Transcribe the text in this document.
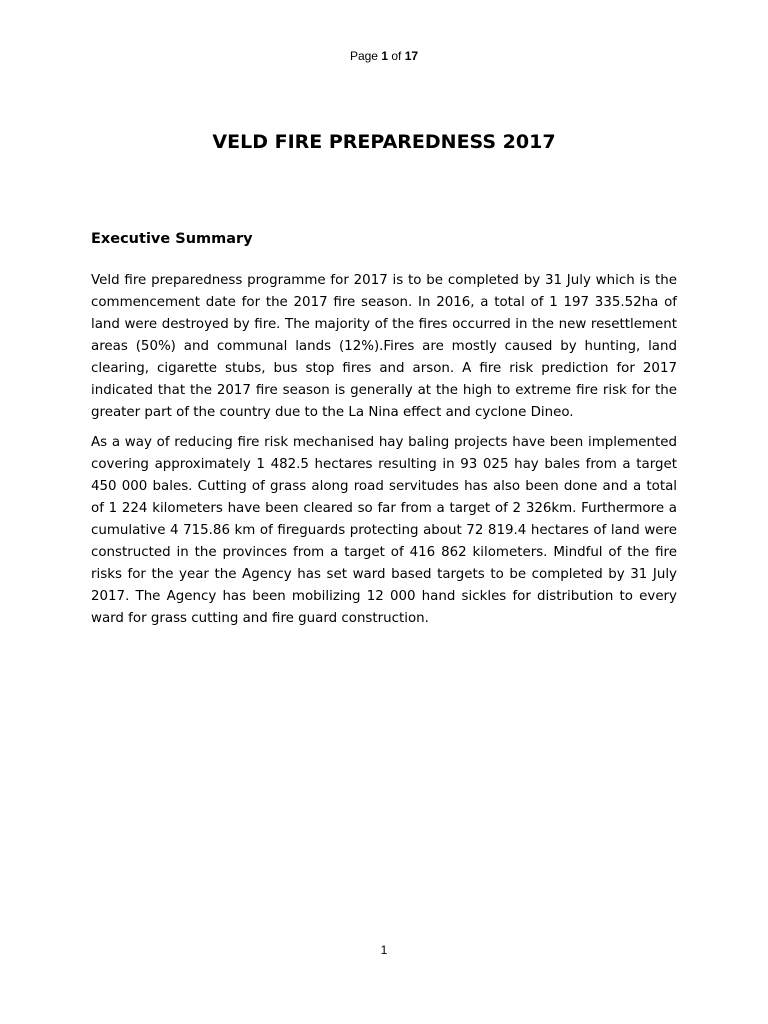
Page 1 of 17
VELD FIRE PREPAREDNESS 2017
Executive Summary

Veld fire preparedness programme for 2017 is to be completed by 31 July which is the commencement date for the 2017 fire season. In 2016, a total of 1 197 335.52ha of land were destroyed by fire. The majority of the fires occurred in the new resettlement areas (50%) and communal lands (12%).Fires are mostly caused by hunting, land clearing, cigarette stubs, bus stop fires and arson. A fire risk prediction for 2017 indicated that the 2017 fire season is generally at the high to extreme fire risk for the greater part of the country due to the La Nina effect and cyclone Dineo.

As a way of reducing fire risk mechanised hay baling projects have been implemented covering approximately 1 482.5 hectares resulting in 93 025 hay bales from a target 450 000 bales. Cutting of grass along road servitudes has also been done and a total of 1 224 kilometers have been cleared so far from a target of 2 326km. Furthermore a cumulative 4 715.86 km of fireguards protecting about 72 819.4 hectares of land were constructed in the provinces from a target of 416 862 kilometers. Mindful of the fire risks for the year the Agency has set ward based targets to be completed by 31 July 2017. The Agency has been mobilizing 12 000 hand sickles for distribution to every ward for grass cutting and fire guard construction.

1
